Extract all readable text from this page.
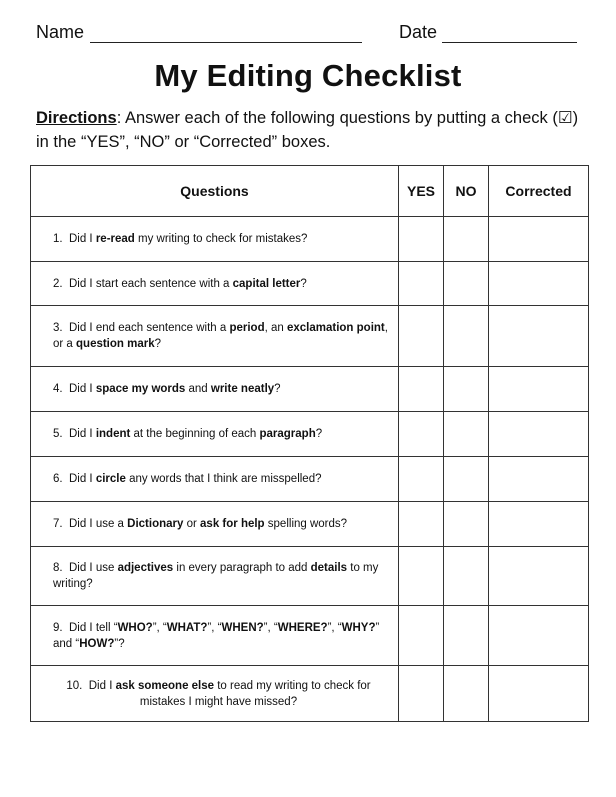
Name	Date
My Editing Checklist
Directions: Answer each of the following questions by putting a check (☑) in the “YES”, “NO” or “Corrected” boxes.
Questions	YES	NO	Corrected
1. Did I re-read my writing to check for mistakes?			
2. Did I start each sentence with a capital letter?			
3. Did I end each sentence with a period, an exclamation point, or a question mark?			
4. Did I space my words and write neatly?			
5. Did I indent at the beginning of each paragraph?			
6. Did I circle any words that I think are misspelled?			
7. Did I use a Dictionary or ask for help spelling words?			
8. Did I use adjectives in every paragraph to add details to my writing?			
9. Did I tell “WHO?”, “WHAT?”, “WHEN?”, “WHERE?”, “WHY?” and “HOW?”?			
10. Did I ask someone else to read my writing to check for mistakes I might have missed?			
